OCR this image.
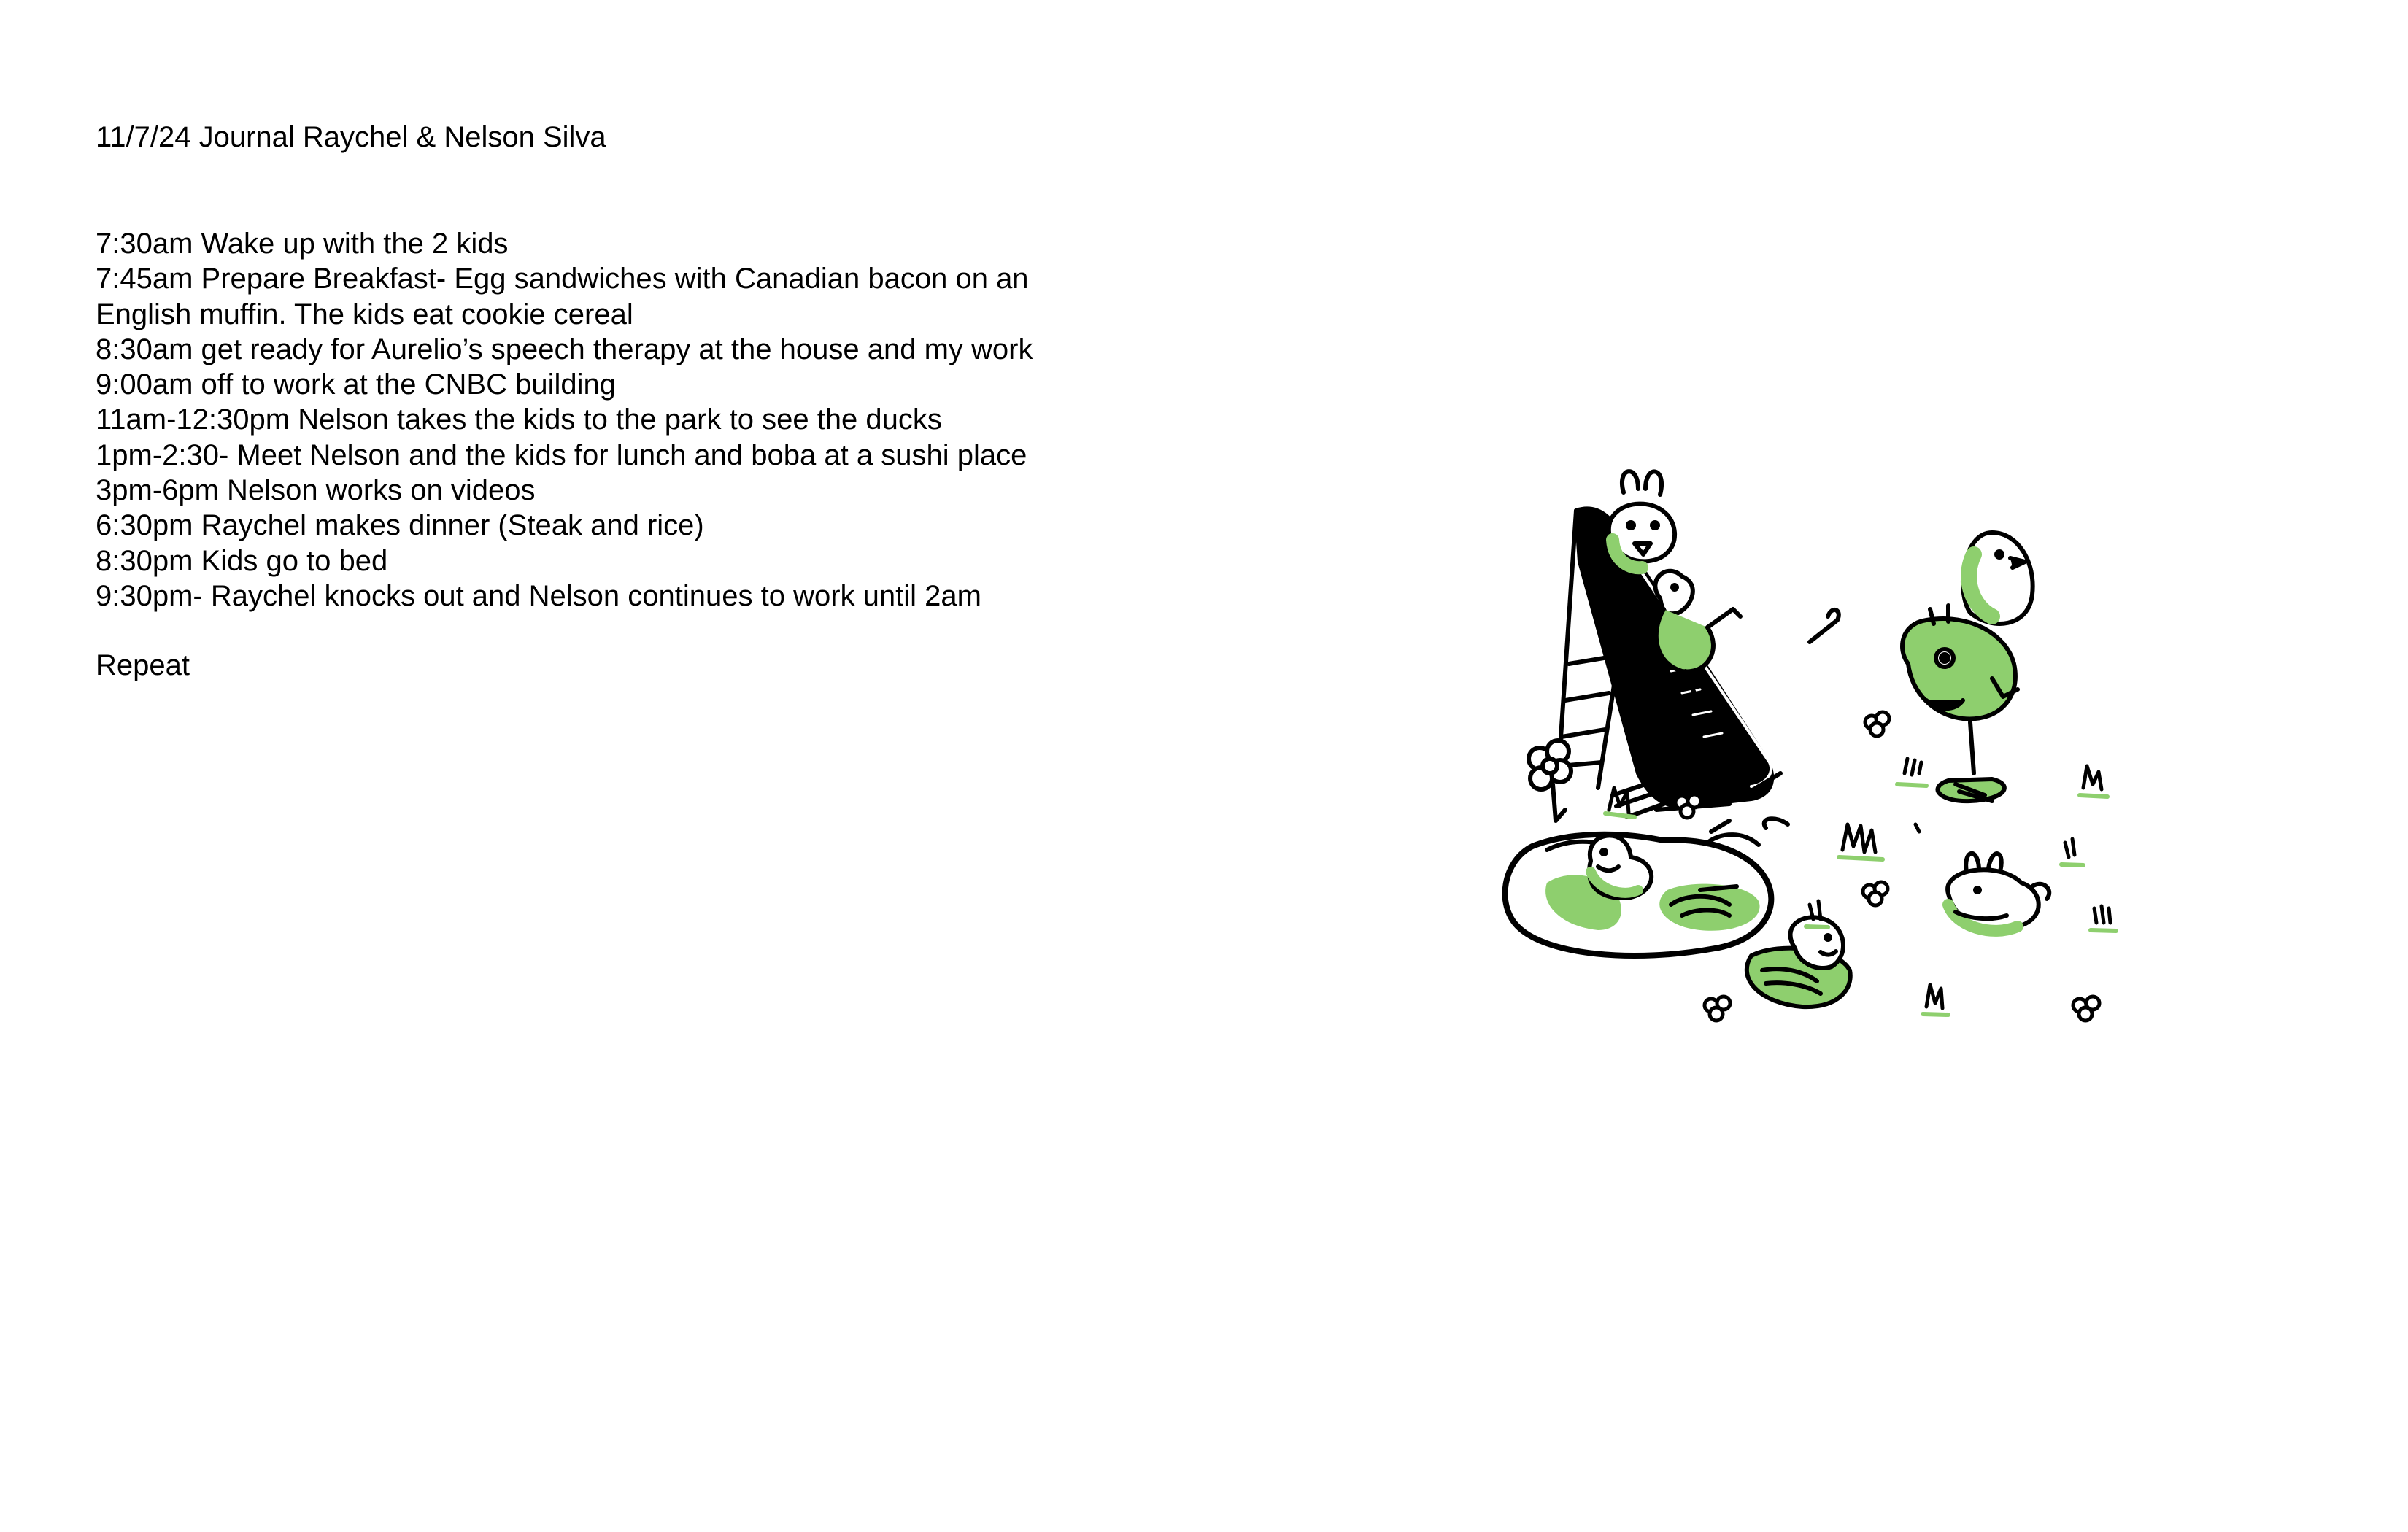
11/7/24 Journal Raychel & Nelson Silva
7:30am Wake up with the 2 kids
7:45am Prepare Breakfast- Egg sandwiches with Canadian bacon on an English muffin. The kids eat cookie cereal
8:30am get ready for Aurelio’s speech therapy at the house and my work
9:00am off to work at the CNBC building
11am-12:30pm Nelson takes the kids to the park to see the ducks
1pm-2:30- Meet Nelson and the kids for lunch and boba at a sushi place
3pm-6pm Nelson works on videos
6:30pm Raychel makes dinner (Steak and rice)
8:30pm Kids go to bed
9:30pm- Raychel knocks out and Nelson continues to work until 2am
Repeat
